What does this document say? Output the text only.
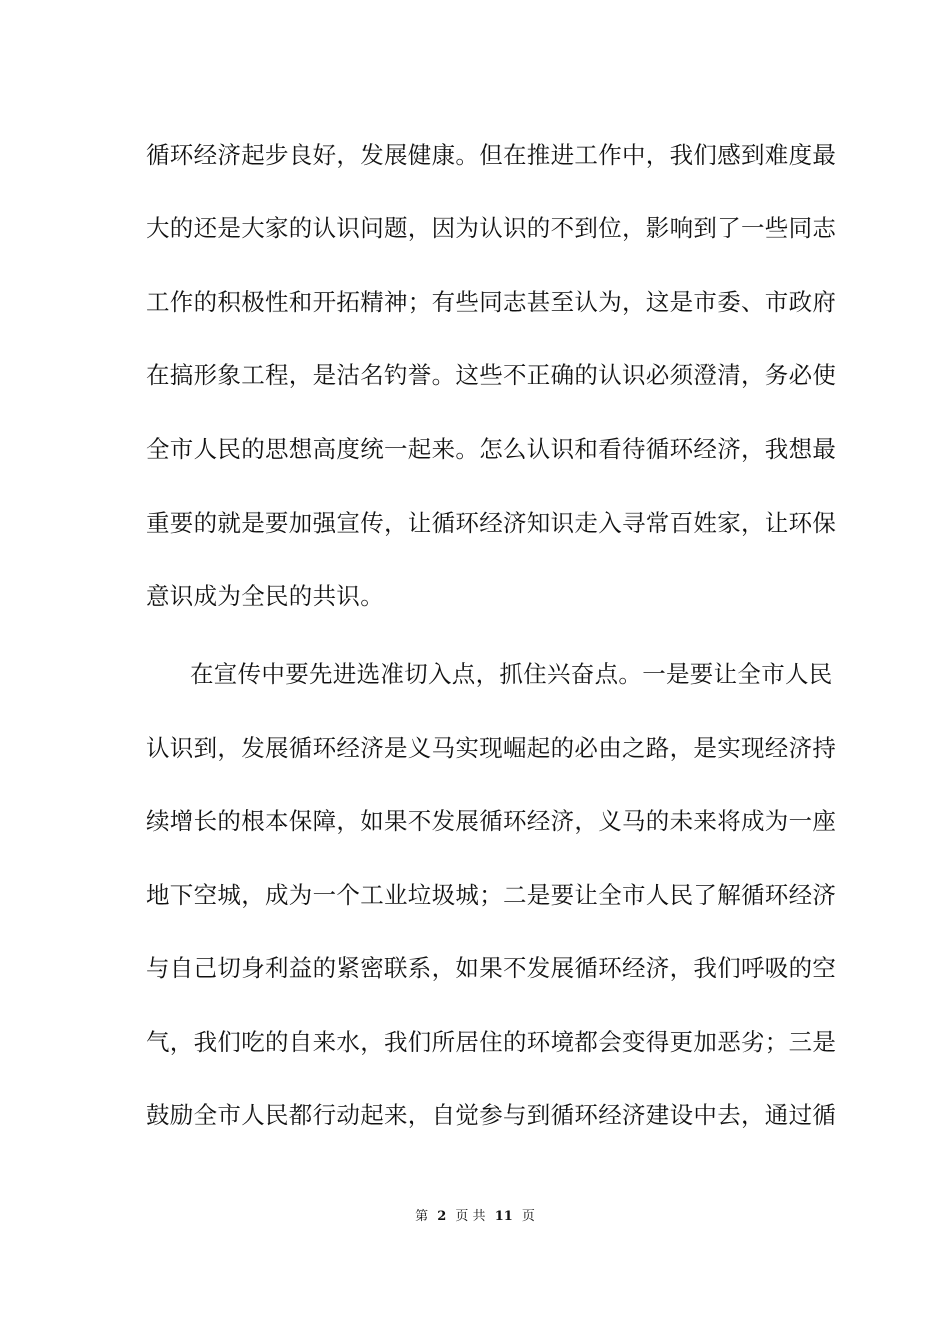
循环经济起步良好，发展健康。但在推进工作中，我们感到难度最
大的还是大家的认识问题，因为认识的不到位，影响到了一些同志
工作的积极性和开拓精神；有些同志甚至认为，这是市委、市政府
在搞形象工程，是沽名钓誉。这些不正确的认识必须澄清，务必使
全市人民的思想高度统一起来。怎么认识和看待循环经济，我想最
重要的就是要加强宣传，让循环经济知识走入寻常百姓家，让环保
意识成为全民的共识。
在宣传中要先进选准切入点，抓住兴奋点。一是要让全市人民
认识到，发展循环经济是义马实现崛起的必由之路，是实现经济持
续增长的根本保障，如果不发展循环经济，义马的未来将成为一座
地下空城，成为一个工业垃圾城；二是要让全市人民了解循环经济
与自己切身利益的紧密联系，如果不发展循环经济，我们呼吸的空
气，我们吃的自来水，我们所居住的环境都会变得更加恶劣；三是
鼓励全市人民都行动起来，自觉参与到循环经济建设中去，通过循
第 2 页 共 11 页
